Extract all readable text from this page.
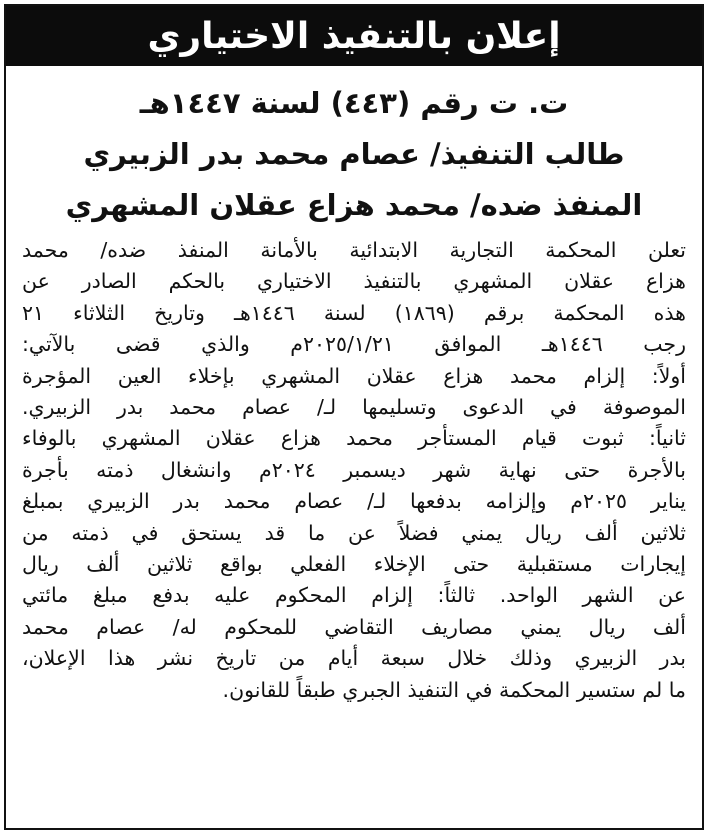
إعلان بالتنفيذ الاختياري
ت. ت رقم (٤٤٣) لسنة ١٤٤٧هـ
طالب التنفيذ/ عصام محمد بدر الزبيري
المنفذ ضده/ محمد هزاع عقلان المشهري
تعلن المحكمة التجارية الابتدائية بالأمانة المنفذ ضده/ محمد
هزاع عقلان المشهري بالتنفيذ الاختياري بالحكم الصادر عن
هذه المحكمة برقم (١٨٦٩) لسنة ١٤٤٦هـ وتاريخ الثلاثاء ٢١
رجب ١٤٤٦هـ الموافق ٢٠٢٥/١/٢١م والذي قضى بالآتي:
أولاً: إلزام محمد هزاع عقلان المشهري بإخلاء العين المؤجرة
الموصوفة في الدعوى وتسليمها لـ/ عصام محمد بدر الزبيري.
ثانياً: ثبوت قيام المستأجر محمد هزاع عقلان المشهري بالوفاء
بالأجرة حتى نهاية شهر ديسمبر ٢٠٢٤م وانشغال ذمته بأجرة
يناير ٢٠٢٥م وإلزامه بدفعها لـ/ عصام محمد بدر الزبيري بمبلغ
ثلاثين ألف ريال يمني فضلاً عن ما قد يستحق في ذمته من
إيجارات مستقبلية حتى الإخلاء الفعلي بواقع ثلاثين ألف ريال
عن الشهر الواحد. ثالثاً: إلزام المحكوم عليه بدفع مبلغ مائتي
ألف ريال يمني مصاريف التقاضي للمحكوم له/ عصام محمد
بدر الزبيري وذلك خلال سبعة أيام من تاريخ نشر هذا الإعلان،
ما لم ستسير المحكمة في التنفيذ الجبري طبقاً للقانون.
